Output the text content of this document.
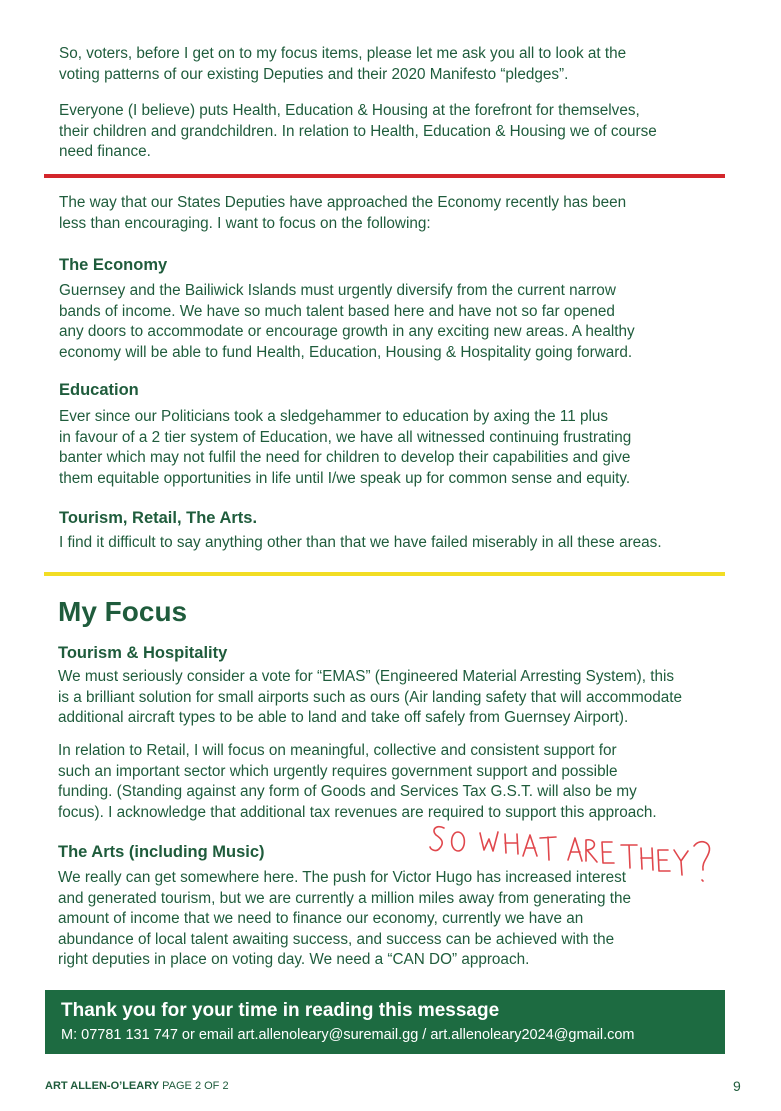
So, voters, before I get on to my focus items, please let me ask you all to look at the
voting patterns of our existing Deputies and their 2020 Manifesto “pledges”.

Everyone (I believe) puts Health, Education & Housing at the forefront for themselves,
their children and grandchildren. In relation to Health, Education & Housing we of course
need finance.

The way that our States Deputies have approached the Economy recently has been
less than encouraging. I want to focus on the following:

The Economy

Guernsey and the Bailiwick Islands must urgently diversify from the current narrow
bands of income. We have so much talent based here and have not so far opened
any doors to accommodate or encourage growth in any exciting new areas. A healthy
economy will be able to fund Health, Education, Housing & Hospitality going forward.

Education

Ever since our Politicians took a sledgehammer to education by axing the 11 plus
in favour of a 2 tier system of Education, we have all witnessed continuing frustrating
banter which may not fulfil the need for children to develop their capabilities and give
them equitable opportunities in life until I/we speak up for common sense and equity.

Tourism, Retail, The Arts.

I find it difficult to say anything other than that we have failed miserably in all these areas.

My Focus
Tourism & Hospitality

We must seriously consider a vote for “EMAS” (Engineered Material Arresting System), this
is a brilliant solution for small airports such as ours (Air landing safety that will accommodate
additional aircraft types to be able to land and take off safely from Guernsey Airport).

In relation to Retail, I will focus on meaningful, collective and consistent support for
such an important sector which urgently requires government support and possible
funding. (Standing against any form of Goods and Services Tax G.S.T. will also be my
focus). I acknowledge that additional tax revenues are required to support this approach.

The Arts (including Music)

We really can get somewhere here. The push for Victor Hugo has increased interest
and generated tourism, but we are currently a million miles away from generating the
amount of income that we need to finance our economy, currently we have an
abundance of local talent awaiting success, and success can be achieved with the
right deputies in place on voting day. We need a “CAN DO” approach.

Thank you for your time in reading this message
M: 07781 131 747 or email art.allenoleary@suremail.gg / art.allenoleary2024@gmail.com
ART ALLEN-O’LEARY PAGE 2 OF 2	9
